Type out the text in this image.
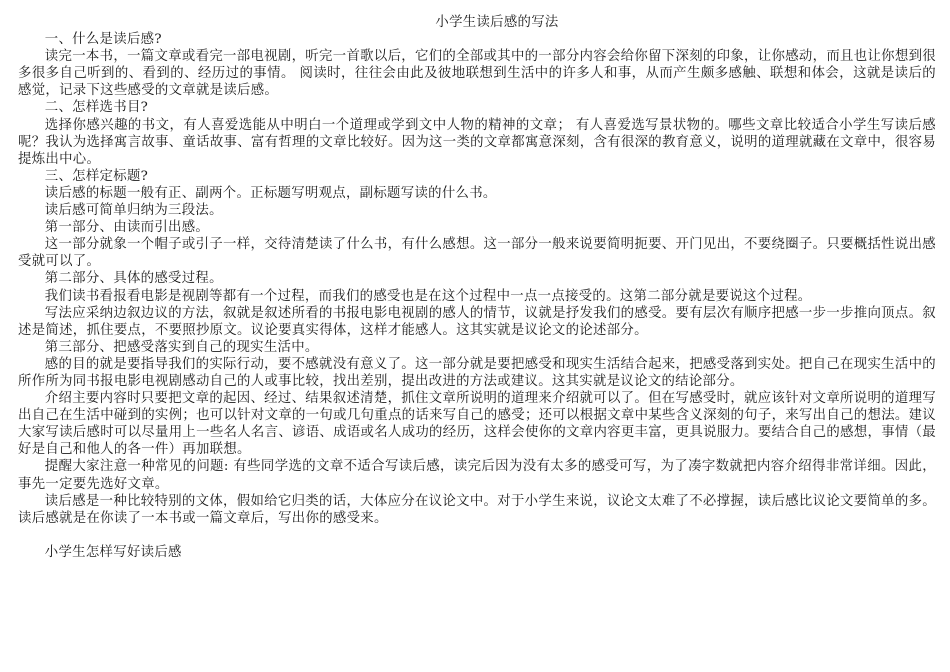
小学生读后感的写法

一、什么是读后感?

读完一本书，一篇文章或看完一部电视剧，听完一首歌以后，它们的全部或其中的一部分内容会给你留下深刻的印象，让你感动，而且也让你想到很多很多自己听到的、看到的、经历过的事情。 阅读时，往往会由此及彼地联想到生活中的许多人和事，从而产生颇多感触、联想和体会，这就是读后的感觉，记录下这些感受的文章就是读后感。

二、怎样选书目?

选择你感兴趣的书文，有人喜爱选能从中明白一个道理或学到文中人物的精神的文章； 有人喜爱选写景状物的。哪些文章比较适合小学生写读后感呢？我认为选择寓言故事、童话故事、富有哲理的文章比较好。因为这一类的文章都寓意深刻，含有很深的教育意义，说明的道理就藏在文章中，很容易提炼出中心。

三、怎样定标题?

读后感的标题一般有正、副两个。正标题写明观点，副标题写读的什么书。

读后感可简单归纳为三段法。

第一部分、由读而引出感。

这一部分就象一个帽子或引子一样，交待清楚读了什么书，有什么感想。这一部分一般来说要简明扼要、开门见出，不要绕圈子。只要概括性说出感受就可以了。

第二部分、具体的感受过程。

我们读书看报看电影是视剧等都有一个过程，而我们的感受也是在这个过程中一点一点接受的。这第二部分就是要说这个过程。

写法应采纳边叙边议的方法，叙就是叙述所看的书报电影电视剧的感人的情节，议就是抒发我们的感受。要有层次有顺序把感一步一步推向顶点。叙述是简述，抓住要点，不要照抄原文。议论要真实得体，这样才能感人。这其实就是议论文的论述部分。

第三部分、把感受落实到自己的现实生活中。

感的目的就是要指导我们的实际行动，要不感就没有意义了。这一部分就是要把感受和现实生活结合起来，把感受落到实处。把自己在现实生活中的所作所为同书报电影电视剧感动自己的人或事比较，找出差别，提出改进的方法或建议。这其实就是议论文的结论部分。

介绍主要内容时只要把文章的起因、经过、结果叙述清楚，抓住文章所说明的道理来介绍就可以了。但在写感受时，就应该针对文章所说明的道理写出自己在生活中碰到的实例；也可以针对文章的一句或几句重点的话来写自己的感受；还可以根据文章中某些含义深刻的句子，来写出自己的想法。建议大家写读后感时可以尽量用上一些名人名言、谚语、成语或名人成功的经历，这样会使你的文章内容更丰富，更具说服力。要结合自己的感想，事情（最好是自己和他人的各一件）再加联想。

提醒大家注意一种常见的问题: 有些同学选的文章不适合写读后感，读完后因为没有太多的感受可写，为了凑字数就把内容介绍得非常详细。因此，事先一定要先选好文章。

读后感是一种比较特别的文体，假如给它归类的话，大体应分在议论文中。对于小学生来说，议论文太难了不必撑握，读后感比议论文要简单的多。读后感就是在你读了一本书或一篇文章后，写出你的感受来。

小学生怎样写好读后感
